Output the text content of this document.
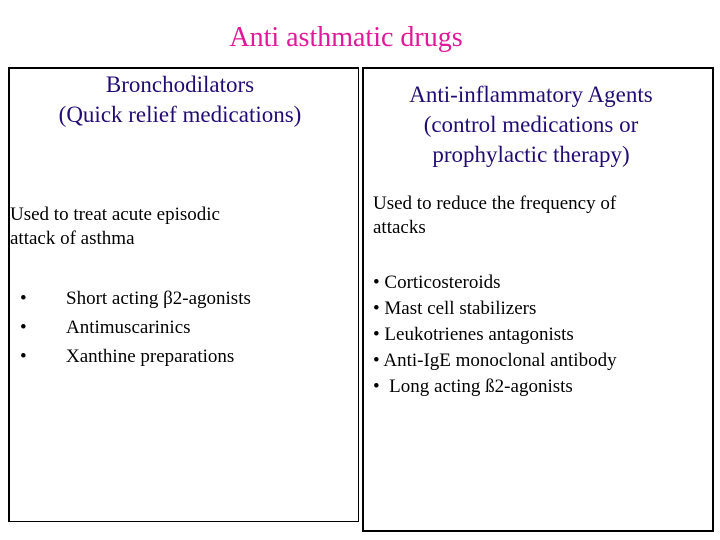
Anti asthmatic drugs
Bronchodilators
(Quick relief medications)
Used to treat acute episodic
attack of asthma
• Short acting β2-agonists
• Antimuscarinics
• Xanthine preparations
Anti-inflammatory Agents
(control medications or
prophylactic therapy)
Used to reduce the frequency of
attacks
• Corticosteroids
• Mast cell stabilizers
• Leukotrienes antagonists
• Anti-IgE monoclonal antibody
•  Long acting ß2-agonists
